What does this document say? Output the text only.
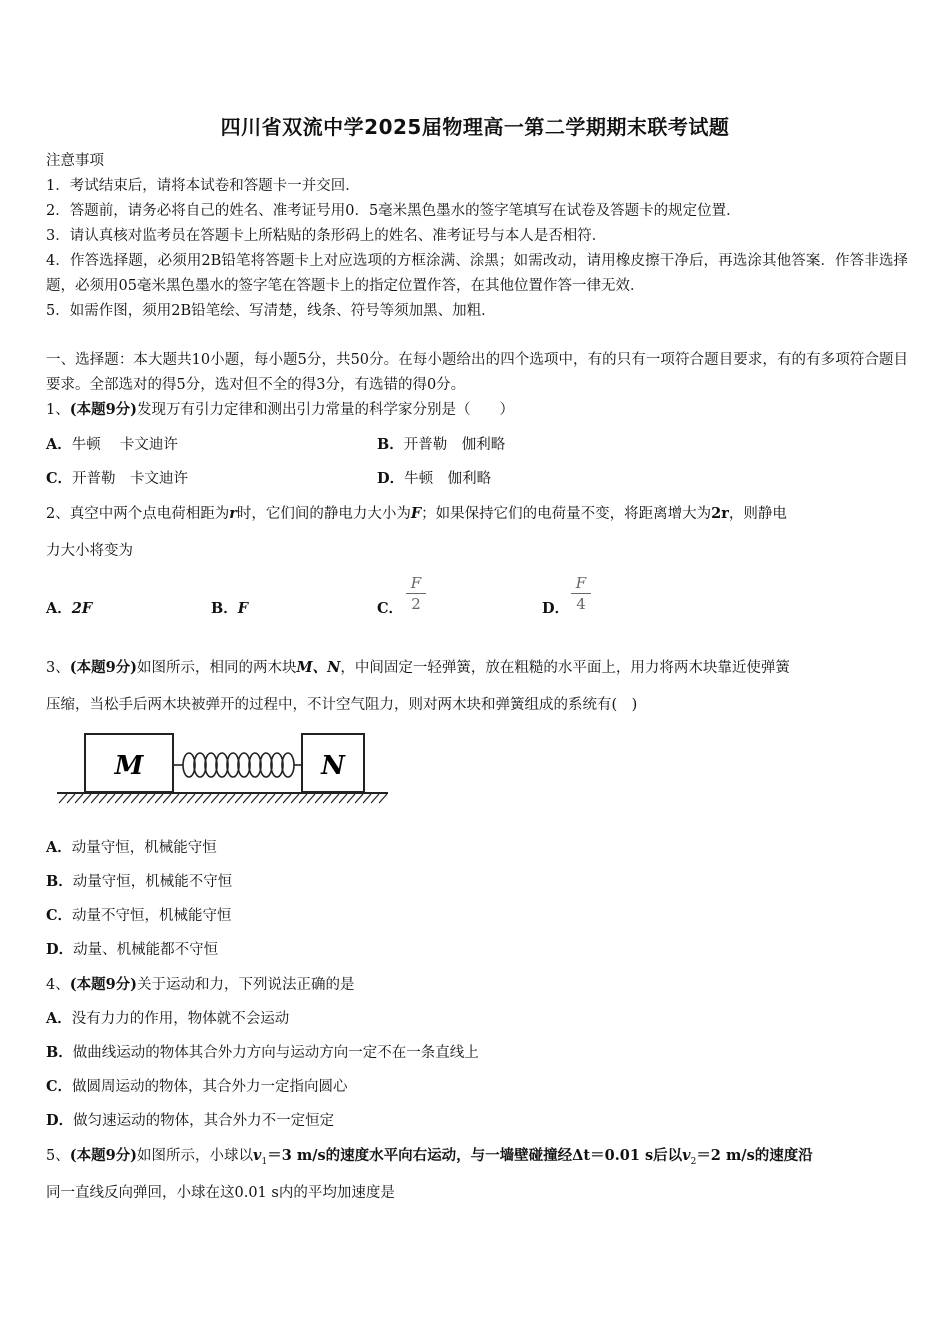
四川省双流中学2025届物理高一第二学期期末联考试题
注意事项
1．考试结束后，请将本试卷和答题卡一并交回．
2．答题前，请务必将自己的姓名、准考证号用0．5毫米黑色墨水的签字笔填写在试卷及答题卡的规定位置．
3．请认真核对监考员在答题卡上所粘贴的条形码上的姓名、准考证号与本人是否相符．
4．作答选择题，必须用2B铅笔将答题卡上对应选项的方框涂满、涂黑；如需改动，请用橡皮擦干净后，再选涂其他答案．作答非选择题，必须用05毫米黑色墨水的签字笔在答题卡上的指定位置作答，在其他位置作答一律无效．
5．如需作图，须用2B铅笔绘、写清楚，线条、符号等须加黑、加粗．
一、选择题：本大题共10小题，每小题5分，共50分。在每小题给出的四个选项中，有的只有一项符合题目要求，有的有多项符合题目要求。全部选对的得5分，选对但不全的得3分，有选错的得0分。
1、(本题9分)发现万有引力定律和测出引力常量的科学家分别是（　　）
A．牛顿　 卡文迪许	B．开普勒　伽利略
C．开普勒　卡文迪许	D．牛顿　伽利略
2、真空中两个点电荷相距为r时，它们间的静电力大小为F；如果保持它们的电荷量不变，将距离增大为2r，则静电
力大小将变为
A．2F	B．F	C．
F
2	D．
F
4
3、(本题9分)如图所示，相同的两木块M、N，中间固定一轻弹簧，放在粗糙的水平面上，用力将两木块靠近使弹簧
压缩，当松手后两木块被弹开的过程中，不计空气阻力，则对两木块和弹簧组成的系统有(　)
M	N
A．动量守恒，机械能守恒
B．动量守恒，机械能不守恒
C．动量不守恒，机械能守恒
D．动量、机械能都不守恒
4、(本题9分)关于运动和力，下列说法正确的是
A．没有力力的作用，物体就不会运动
B．做曲线运动的物体其合外力方向与运动方向一定不在一条直线上
C．做圆周运动的物体，其合外力一定指向圆心
D．做匀速运动的物体，其合外力不一定恒定
5、(本题9分)如图所示，小球以$v_1=3$ m/s的速度水平向右运动，与一墙壁碰撞经Δt＝0.01 s后以$v_2=2$ m/s的速度沿
同一直线反向弹回，小球在这0.01 s内的平均加速度是
